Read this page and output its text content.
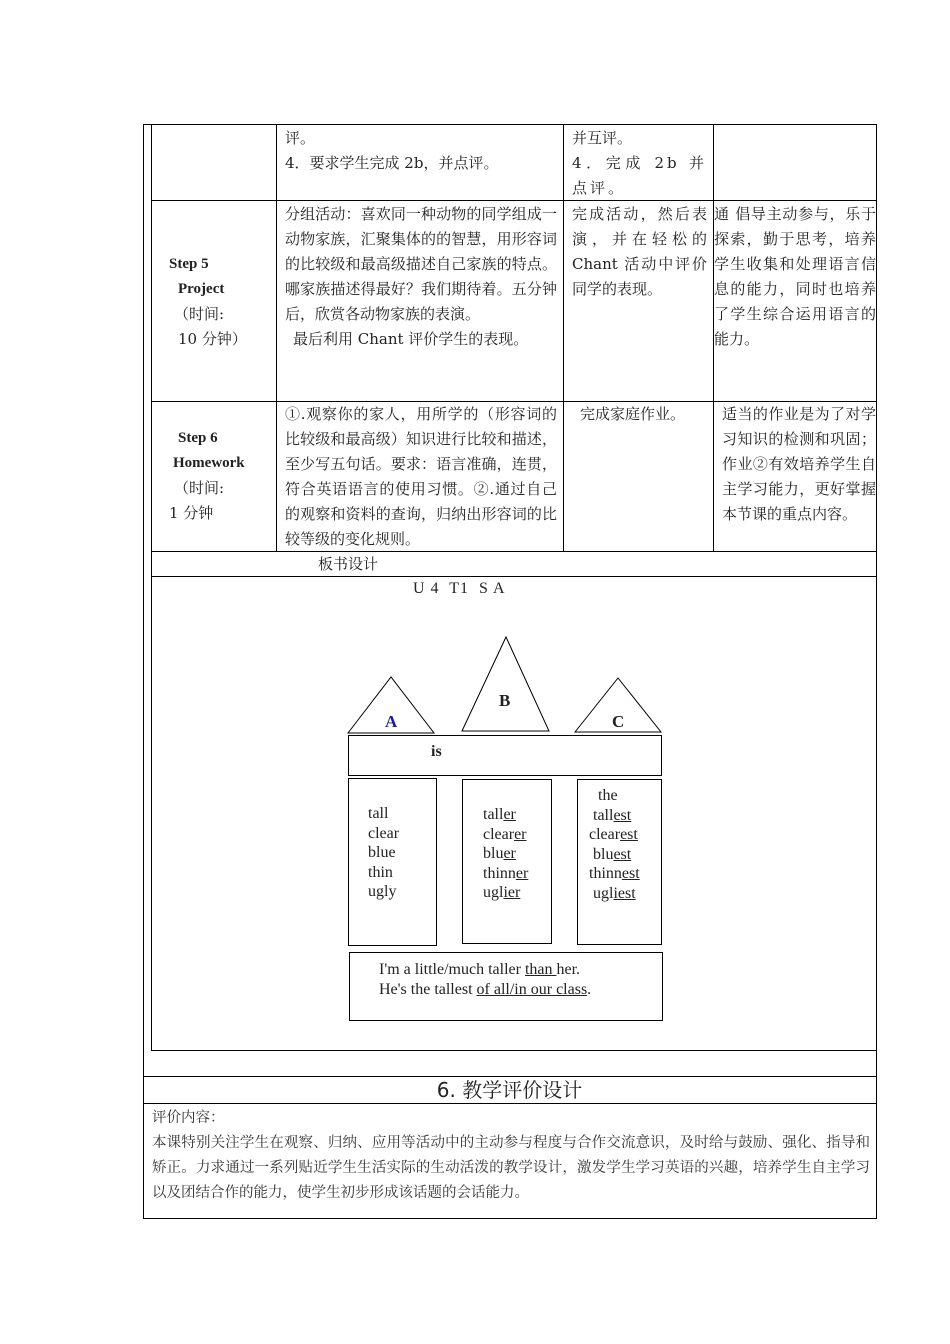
评。
4．要求学生完成 2b，并点评。
并互评。
4．完成 2b 并点评。
Step 5
Project
（时间:
10 分钟）
分组活动：喜欢同一种动物的同学组成一动物家族，汇聚集体的的智慧，用形容词的比较级和最高级描述自己家族的特点。哪家族描述得最好？我们期待着。五分钟后，欣赏各动物家族的表演。
最后利用 Chant 评价学生的表现。
完成活动，然后表演，并在轻松的 Chant 活动中评价同学的表现。
通 倡导主动参与，乐于探索，勤于思考，培养学生收集和处理语言信息的能力，同时也培养了学生综合运用语言的能力。
Step 6
Homework
（时间:
1 分钟
①.观察你的家人，用所学的（形容词的比较级和最高级）知识进行比较和描述， 至少写五句话。要求：语言准确，连贯，符合英语语言的使用习惯。②.通过自己的观察和资料的查询，归纳出形容词的比较等级的变化规则。
完成家庭作业。	适当的作业是为了对学习知识的检测和巩固；作业②有效培养学生自主学习能力，更好掌握本节课的重点内容。
板书设计
U 4  T1  S A
A
B
C
is
tall
clear
blue
thin
ugly
taller
clearer
bluer
thinner
uglier
the
tallest
clearest
bluest
thinnest
ugliest
I'm a little/much taller than her.
He's the tallest of all/in our class.
6. 教学评价设计
评价内容：
本课特别关注学生在观察、归纳、应用等活动中的主动参与程度与合作交流意识，及时给与鼓励、强化、指导和矫正。力求通过一系列贴近学生生活实际的生动活泼的教学设计，激发学生学习英语的兴趣，培养学生自主学习以及团结合作的能力，使学生初步形成该话题的会话能力。
